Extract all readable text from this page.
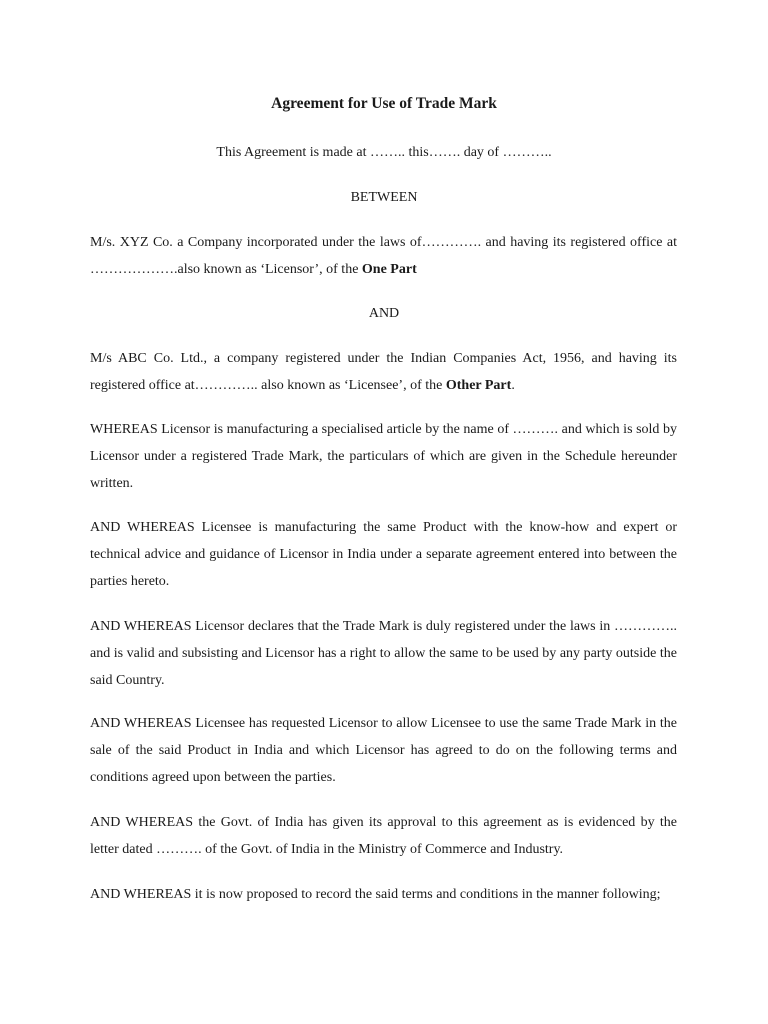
Agreement for Use of Trade Mark

This Agreement is made at …….. this……. day of ………..

BETWEEN

M/s. XYZ Co. a Company incorporated under the laws of…………. and having its registered office at ……………….also known as ‘Licensor’, of the One Part

AND

M/s ABC Co. Ltd., a company registered under the Indian Companies Act, 1956, and having its registered office at………….. also known as ‘Licensee’, of the Other Part.

WHEREAS Licensor is manufacturing a specialised article by the name of ………. and which is sold by Licensor under a registered Trade Mark, the particulars of which are given in the Schedule hereunder written.

AND WHEREAS Licensee is manufacturing the same Product with the know-how and expert or technical advice and guidance of Licensor in India under a separate agreement entered into between the parties hereto.

AND WHEREAS Licensor declares that the Trade Mark is duly registered under the laws in ………….. and is valid and subsisting and Licensor has a right to allow the same to be used by any party outside the said Country.

AND WHEREAS Licensee has requested Licensor to allow Licensee to use the same Trade Mark in the sale of the said Product in India and which Licensor has agreed to do on the following terms and conditions agreed upon between the parties.

AND WHEREAS the Govt. of India has given its approval to this agreement as is evidenced by the letter dated ………. of the Govt. of India in the Ministry of Commerce and Industry.

AND WHEREAS it is now proposed to record the said terms and conditions in the manner following;
